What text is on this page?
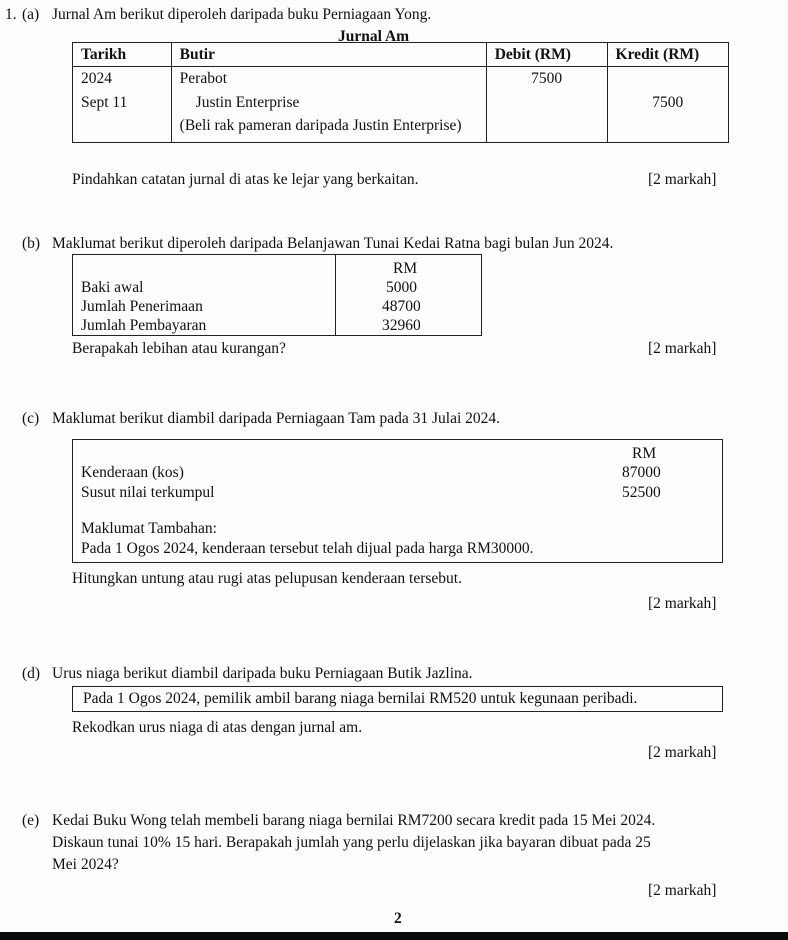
1. (a) Jurnal Am berikut diperoleh daripada buku Perniagaan Yong.
Jurnal Am
Tarikh	Butir	Debit (RM)	Kredit (RM)
2024	Perabot	7500	
Sept 11	Justin Enterprise		7500
	(Beli rak pameran daripada Justin Enterprise)		
Pindahkan catatan jurnal di atas ke lejar yang berkaitan.	[2 markah]
(b) Maklumat berikut diperoleh daripada Belanjawan Tunai Kedai Ratna bagi bulan Jun 2024.
RM
Baki awal	5000
Jumlah Penerimaan	48700
Jumlah Pembayaran	32960
Berapakah lebihan atau kurangan?	[2 markah]
(c) Maklumat berikut diambil daripada Perniagaan Tam pada 31 Julai 2024.
RM
Kenderaan (kos)	87000
Susut nilai terkumpul	52500
Maklumat Tambahan:
Pada 1 Ogos 2024, kenderaan tersebut telah dijual pada harga RM30000.
Hitungkan untung atau rugi atas pelupusan kenderaan tersebut.
[2 markah]
(d) Urus niaga berikut diambil daripada buku Perniagaan Butik Jazlina.
Pada 1 Ogos 2024, pemilik ambil barang niaga bernilai RM520 untuk kegunaan peribadi.
Rekodkan urus niaga di atas dengan jurnal am.
[2 markah]
(e) Kedai Buku Wong telah membeli barang niaga bernilai RM7200 secara kredit pada 15 Mei 2024.
Diskaun tunai 10% 15 hari. Berapakah jumlah yang perlu dijelaskan jika bayaran dibuat pada 25
Mei 2024?
[2 markah]
2
